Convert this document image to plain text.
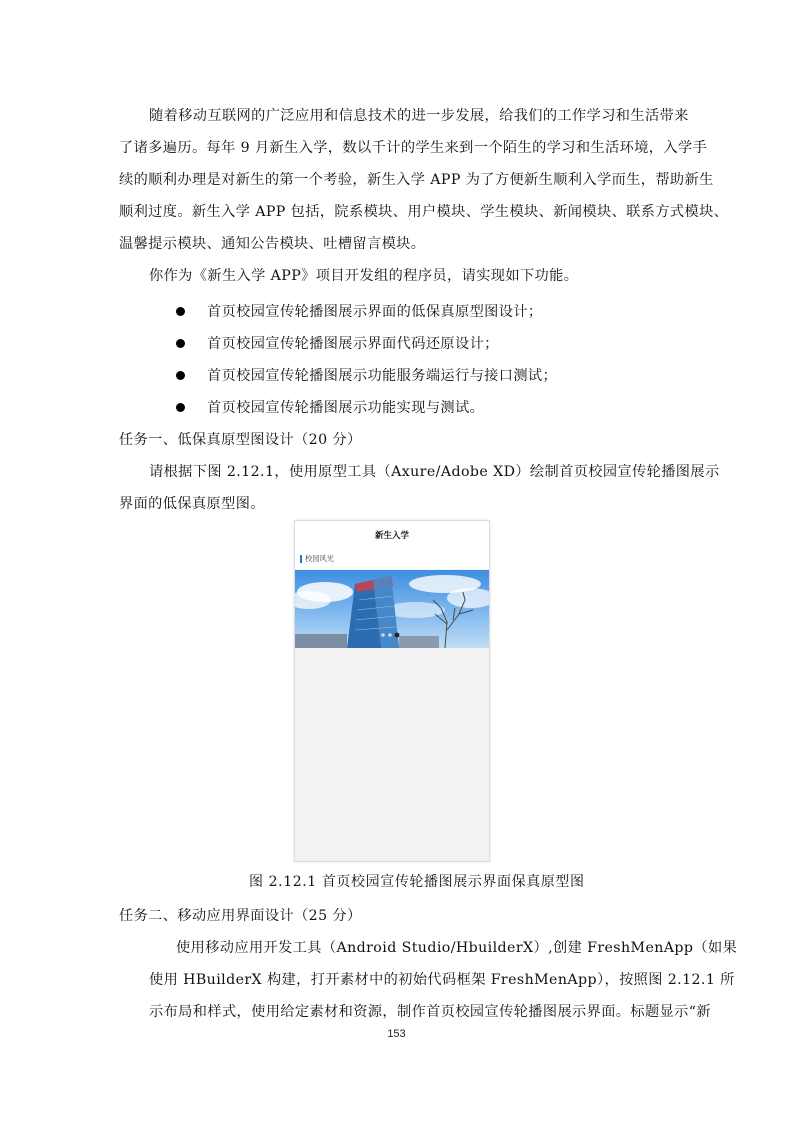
随着移动互联网的广泛应用和信息技术的进一步发展，给我们的工作学习和生活带来
了诸多遍历。每年 9 月新生入学，数以千计的学生来到一个陌生的学习和生活环境，入学手
续的顺利办理是对新生的第一个考验，新生入学 APP 为了方便新生顺利入学而生，帮助新生
顺利过度。新生入学 APP 包括，院系模块、用户模块、学生模块、新闻模块、联系方式模块、
温馨提示模块、通知公告模块、吐槽留言模块。
你作为《新生入学 APP》项目开发组的程序员，请实现如下功能。
首页校园宣传轮播图展示界面的低保真原型图设计；
首页校园宣传轮播图展示界面代码还原设计；
首页校园宣传轮播图展示功能服务端运行与接口测试；
首页校园宣传轮播图展示功能实现与测试。
任务一、低保真原型图设计（20 分）
请根据下图 2.12.1，使用原型工具（Axure/Adobe XD）绘制首页校园宣传轮播图展示
界面的低保真原型图。
新生入学
校园风光
图 2.12.1 首页校园宣传轮播图展示界面保真原型图
任务二、移动应用界面设计（25 分）
使用移动应用开发工具（Android Studio/HbuilderX）,创建 FreshMenApp（如果
使用 HBuilderX 构建，打开素材中的初始代码框架 FreshMenApp），按照图 2.12.1 所
示布局和样式，使用给定素材和资源，制作首页校园宣传轮播图展示界面。标题显示“新
153
